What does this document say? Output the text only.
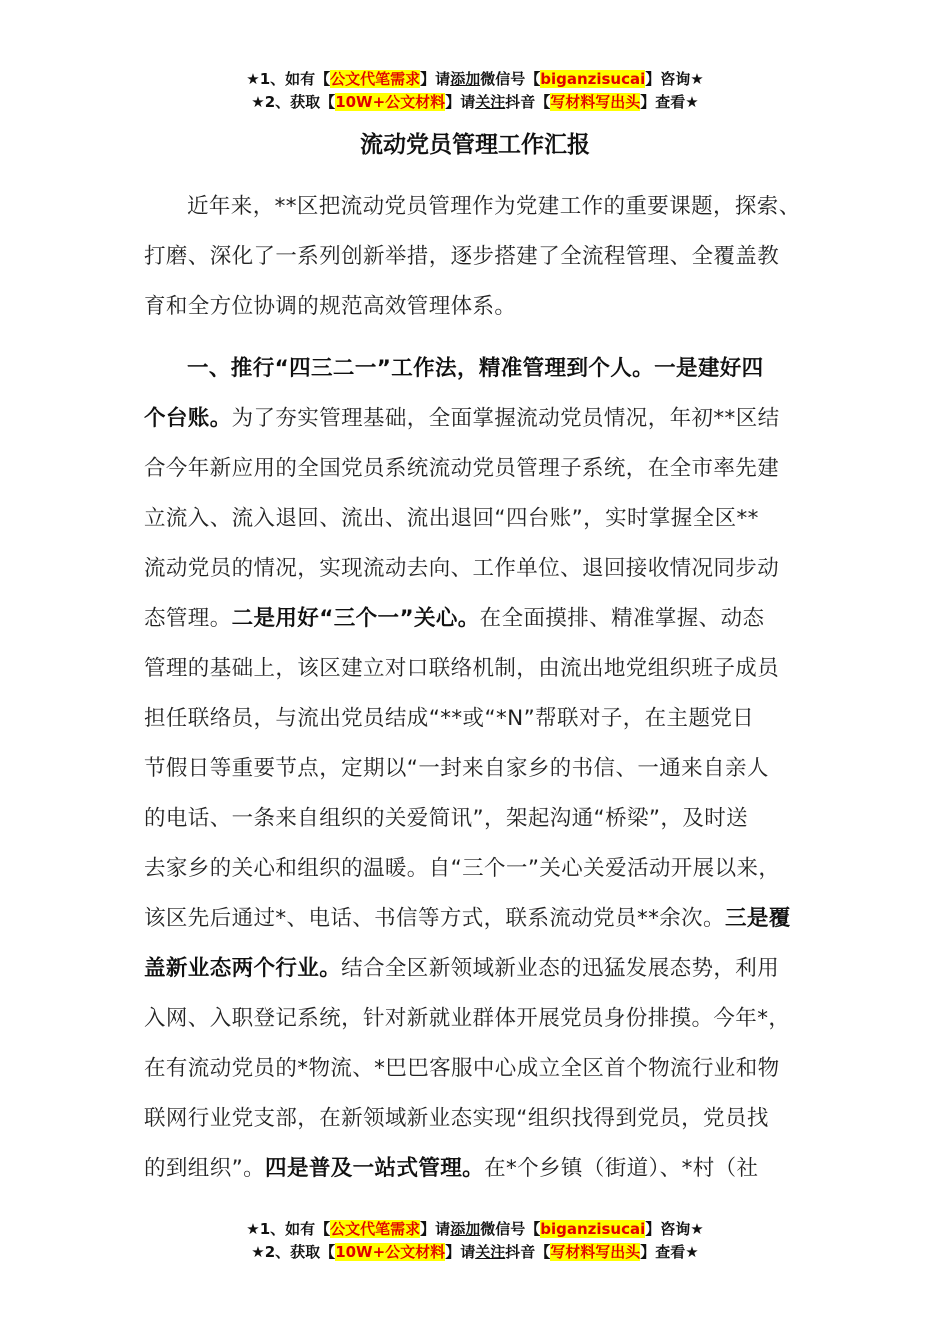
★1、如有【公文代笔需求】请添加微信号【biganzisucai】咨询★
★2、获取【10W+公文材料】请关注抖音【写材料写出头】查看★
流动党员管理工作汇报
近年来，**区把流动党员管理作为党建工作的重要课题，探索、
打磨、深化了一系列创新举措，逐步搭建了全流程管理、全覆盖教
育和全方位协调的规范高效管理体系。
一、推行“四三二一”工作法，精准管理到个人。一是建好四
个台账。为了夯实管理基础，全面掌握流动党员情况，年初**区结
合今年新应用的全国党员系统流动党员管理子系统，在全市率先建
立流入、流入退回、流出、流出退回“四台账”，实时掌握全区**
流动党员的情况，实现流动去向、工作单位、退回接收情况同步动
态管理。二是用好“三个一”关心。在全面摸排、精准掌握、动态
管理的基础上，该区建立对口联络机制，由流出地党组织班子成员
担任联络员，与流出党员结成“**或“*N”帮联对子，在主题党日
节假日等重要节点，定期以“一封来自家乡的书信、一通来自亲人
的电话、一条来自组织的关爱简讯”，架起沟通“桥梁”，及时送
去家乡的关心和组织的温暖。自“三个一”关心关爱活动开展以来，
该区先后通过*、电话、书信等方式，联系流动党员**余次。三是覆
盖新业态两个行业。结合全区新领域新业态的迅猛发展态势，利用
入网、入职登记系统，针对新就业群体开展党员身份排摸。今年*，
在有流动党员的*物流、*巴巴客服中心成立全区首个物流行业和物
联网行业党支部，在新领域新业态实现“组织找得到党员，党员找
的到组织”。四是普及一站式管理。在*个乡镇（街道）、*村（社
★1、如有【公文代笔需求】请添加微信号【biganzisucai】咨询★
★2、获取【10W+公文材料】请关注抖音【写材料写出头】查看★
